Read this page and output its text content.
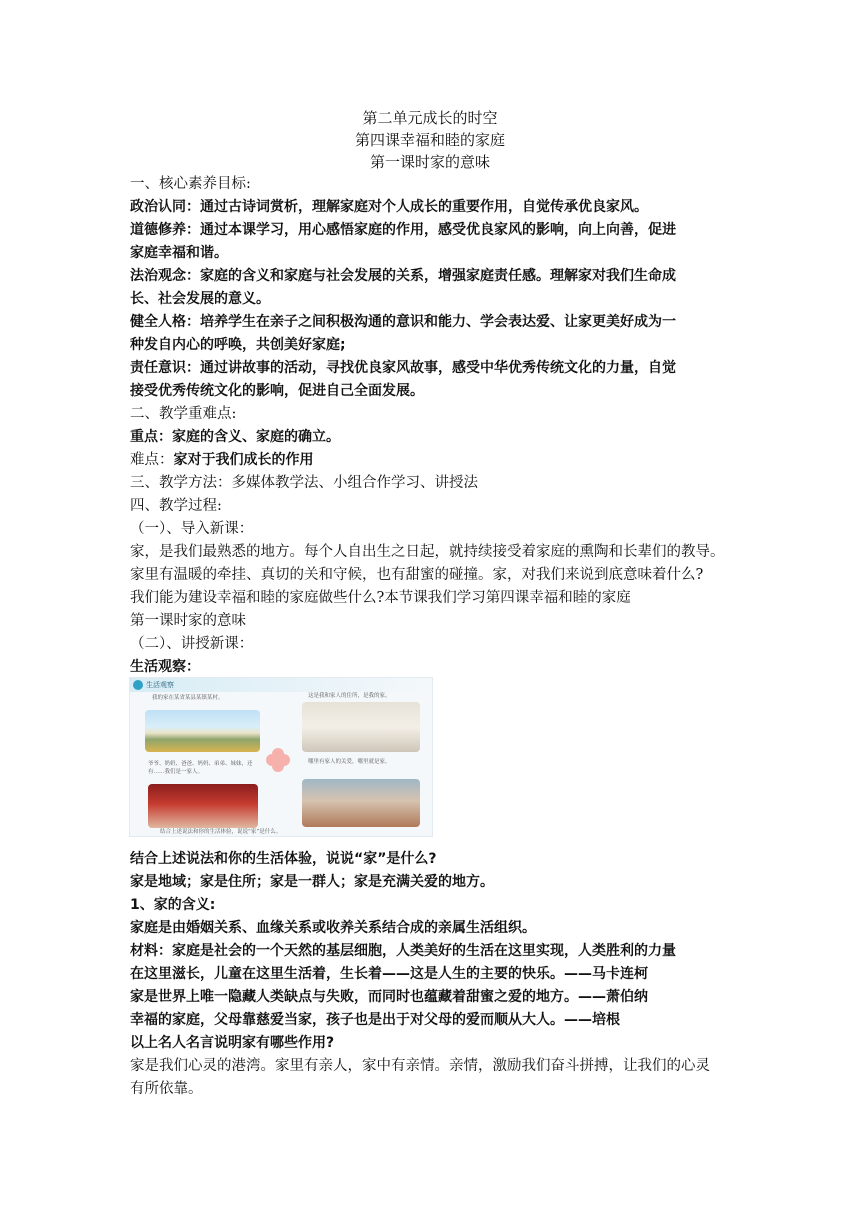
第二单元成长的时空
第四课幸福和睦的家庭
第一课时家的意味
一、核心素养目标:
政治认同：通过古诗词赏析，理解家庭对个人成长的重要作用，自觉传承优良家风。
道德修养：通过本课学习，用心感悟家庭的作用，感受优良家风的影响，向上向善，促进
家庭幸福和谐。
法治观念：家庭的含义和家庭与社会发展的关系，增强家庭责任感。理解家对我们生命成
长、社会发展的意义。
健全人格：培养学生在亲子之间积极沟通的意识和能力、学会表达爱、让家更美好成为一
种发自内心的呼唤，共创美好家庭;
责任意识：通过讲故事的活动，寻找优良家风故事，感受中华优秀传统文化的力量，自觉
接受优秀传统文化的影响，促进自己全面发展。
二、教学重难点:
重点：家庭的含义、家庭的确立。
难点：家对于我们成长的作用
三、教学方法：多媒体教学法、小组合作学习、讲授法
四、教学过程:
（一）、导入新课：
家，是我们最熟悉的地方。每个人自出生之日起，就持续接受着家庭的熏陶和长辈们的教导。
家里有温暖的牵挂、真切的关和守候，也有甜蜜的碰撞。家，对我们来说到底意味着什么?
我们能为建设幸福和睦的家庭做些什么?本节课我们学习第四课幸福和睦的家庭
第一课时家的意味
（二）、讲授新课：
生活观察：
生活观察
我的家在某省某县某镇某村。	这是我和家人的住所，是我的家。
爷爷、奶奶、爸爸、妈妈、弟弟、妹妹，还有……我们是一家人。
哪里有家人的关爱，哪里就是家。
结合上述说法和你的生活体验，说说“家”是什么。
结合上述说法和你的生活体验，说说“家”是什么?
家是地域；家是住所；家是一群人；家是充满关爱的地方。
1、家的含义:
家庭是由婚姻关系、血缘关系或收养关系结合成的亲属生活组织。
材料：家庭是社会的一个天然的基层细胞，人类美好的生活在这里实现，人类胜利的力量
在这里滋长，儿童在这里生活着，生长着——这是人生的主要的快乐。——马卡连柯
家是世界上唯一隐藏人类缺点与失败，而同时也蕴藏着甜蜜之爱的地方。——萧伯纳
幸福的家庭，父母靠慈爱当家，孩子也是出于对父母的爱而顺从大人。——培根
以上名人名言说明家有哪些作用?
家是我们心灵的港湾。家里有亲人，家中有亲情。亲情，激励我们奋斗拼搏，让我们的心灵
有所依靠。
